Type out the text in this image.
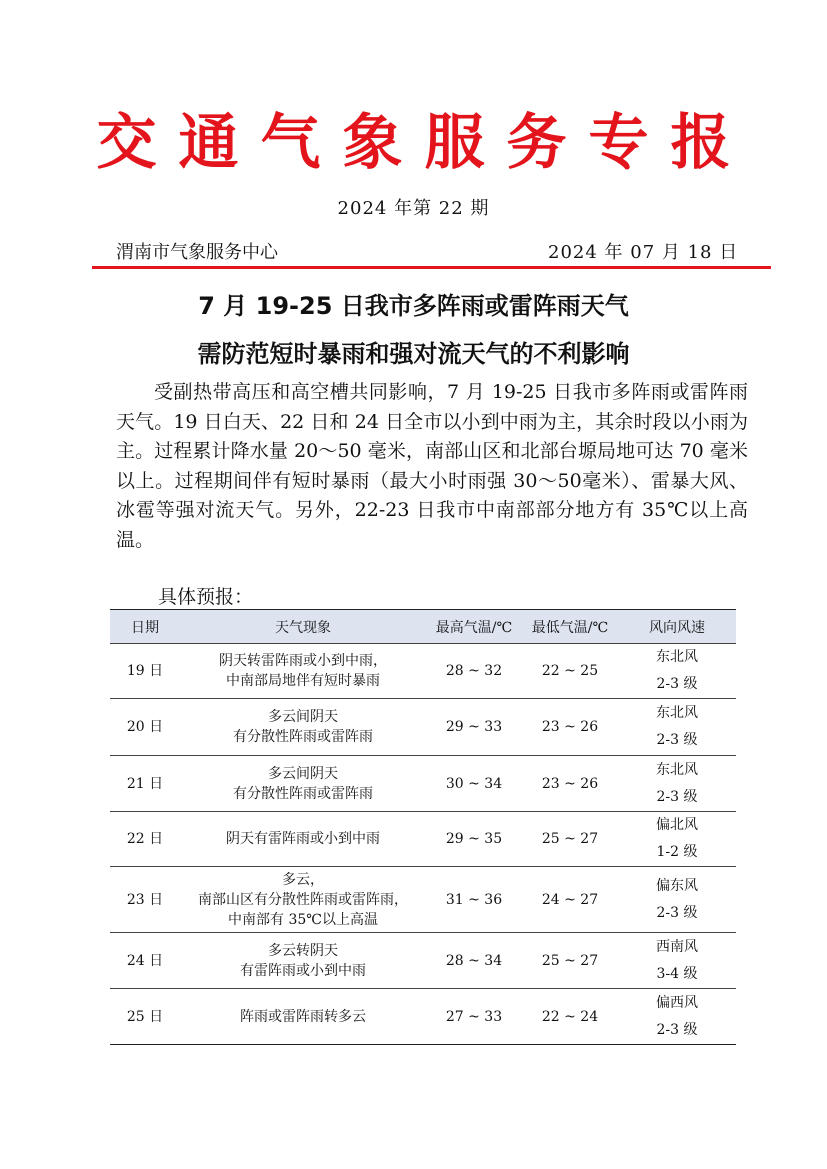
交通气象服务专报
2024 年第 22 期
渭南市气象服务中心	2024 年 07 月 18 日
7 月 19-25 日我市多阵雨或雷阵雨天气
需防范短时暴雨和强对流天气的不利影响

受副热带高压和高空槽共同影响，7 月 19-25 日我市多阵雨或雷阵雨天气。19 日白天、22 日和 24 日全市以小到中雨为主，其余时段以小雨为主。过程累计降水量 20～50 毫米，南部山区和北部台塬局地可达 70 毫米以上。过程期间伴有短时暴雨（最大小时雨强 30～50毫米）、雷暴大风、冰雹等强对流天气。另外，22-23 日我市中南部部分地方有 35℃以上高温。

具体预报：
日期	天气现象	最高气温/℃	最低气温/℃	风向风速
19 日	阴天转雷阵雨或小到中雨，
中南部局地伴有短时暴雨	28 ~ 32	22 ~ 25	东北风
2-3 级

20 日	多云间阴天
有分散性阵雨或雷阵雨	29 ~ 33	23 ~ 26	东北风
2-3 级

21 日	多云间阴天
有分散性阵雨或雷阵雨	30 ~ 34	23 ~ 26	东北风
2-3 级

22 日	阴天有雷阵雨或小到中雨	29 ~ 35	25 ~ 27	偏北风
1-2 级

23 日	多云，
南部山区有分散性阵雨或雷阵雨，
中南部有 35℃以上高温	31 ~ 36	24 ~ 27	偏东风
2-3 级

24 日	多云转阴天
有雷阵雨或小到中雨	28 ~ 34	25 ~ 27	西南风
3-4 级

25 日	阵雨或雷阵雨转多云	27 ~ 33	22 ~ 24	偏西风
2-3 级
